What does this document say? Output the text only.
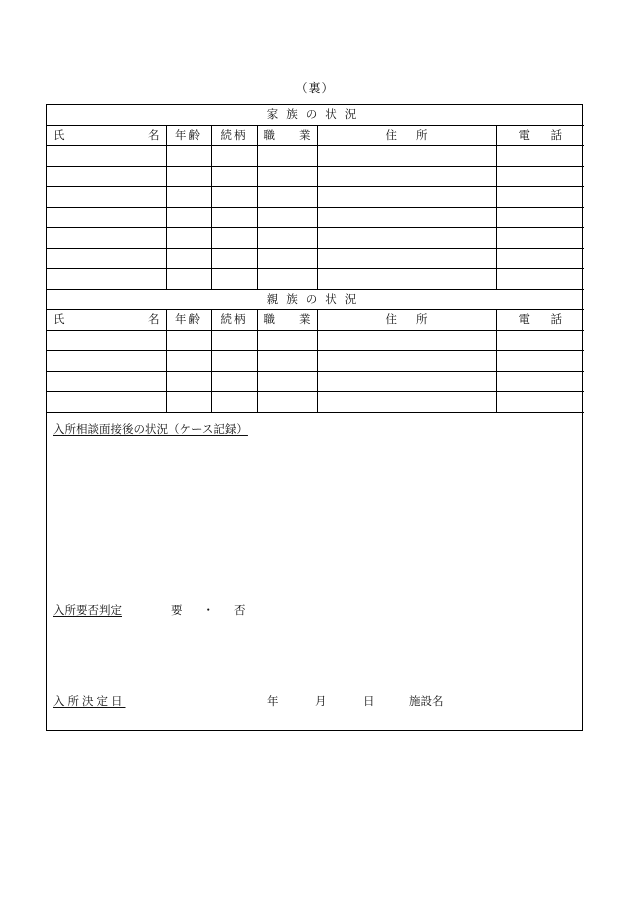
（裏）
家族の状況					

氏 名	年齢	続柄	職 業	住 所	電 話

親族の状況					

氏 名	年齢	続柄	職 業	住 所	電 話

入所相談面接後の状況（ケース記録）
入所要否判定	要 ・ 否
入所決定日	年	月	日	施設名
